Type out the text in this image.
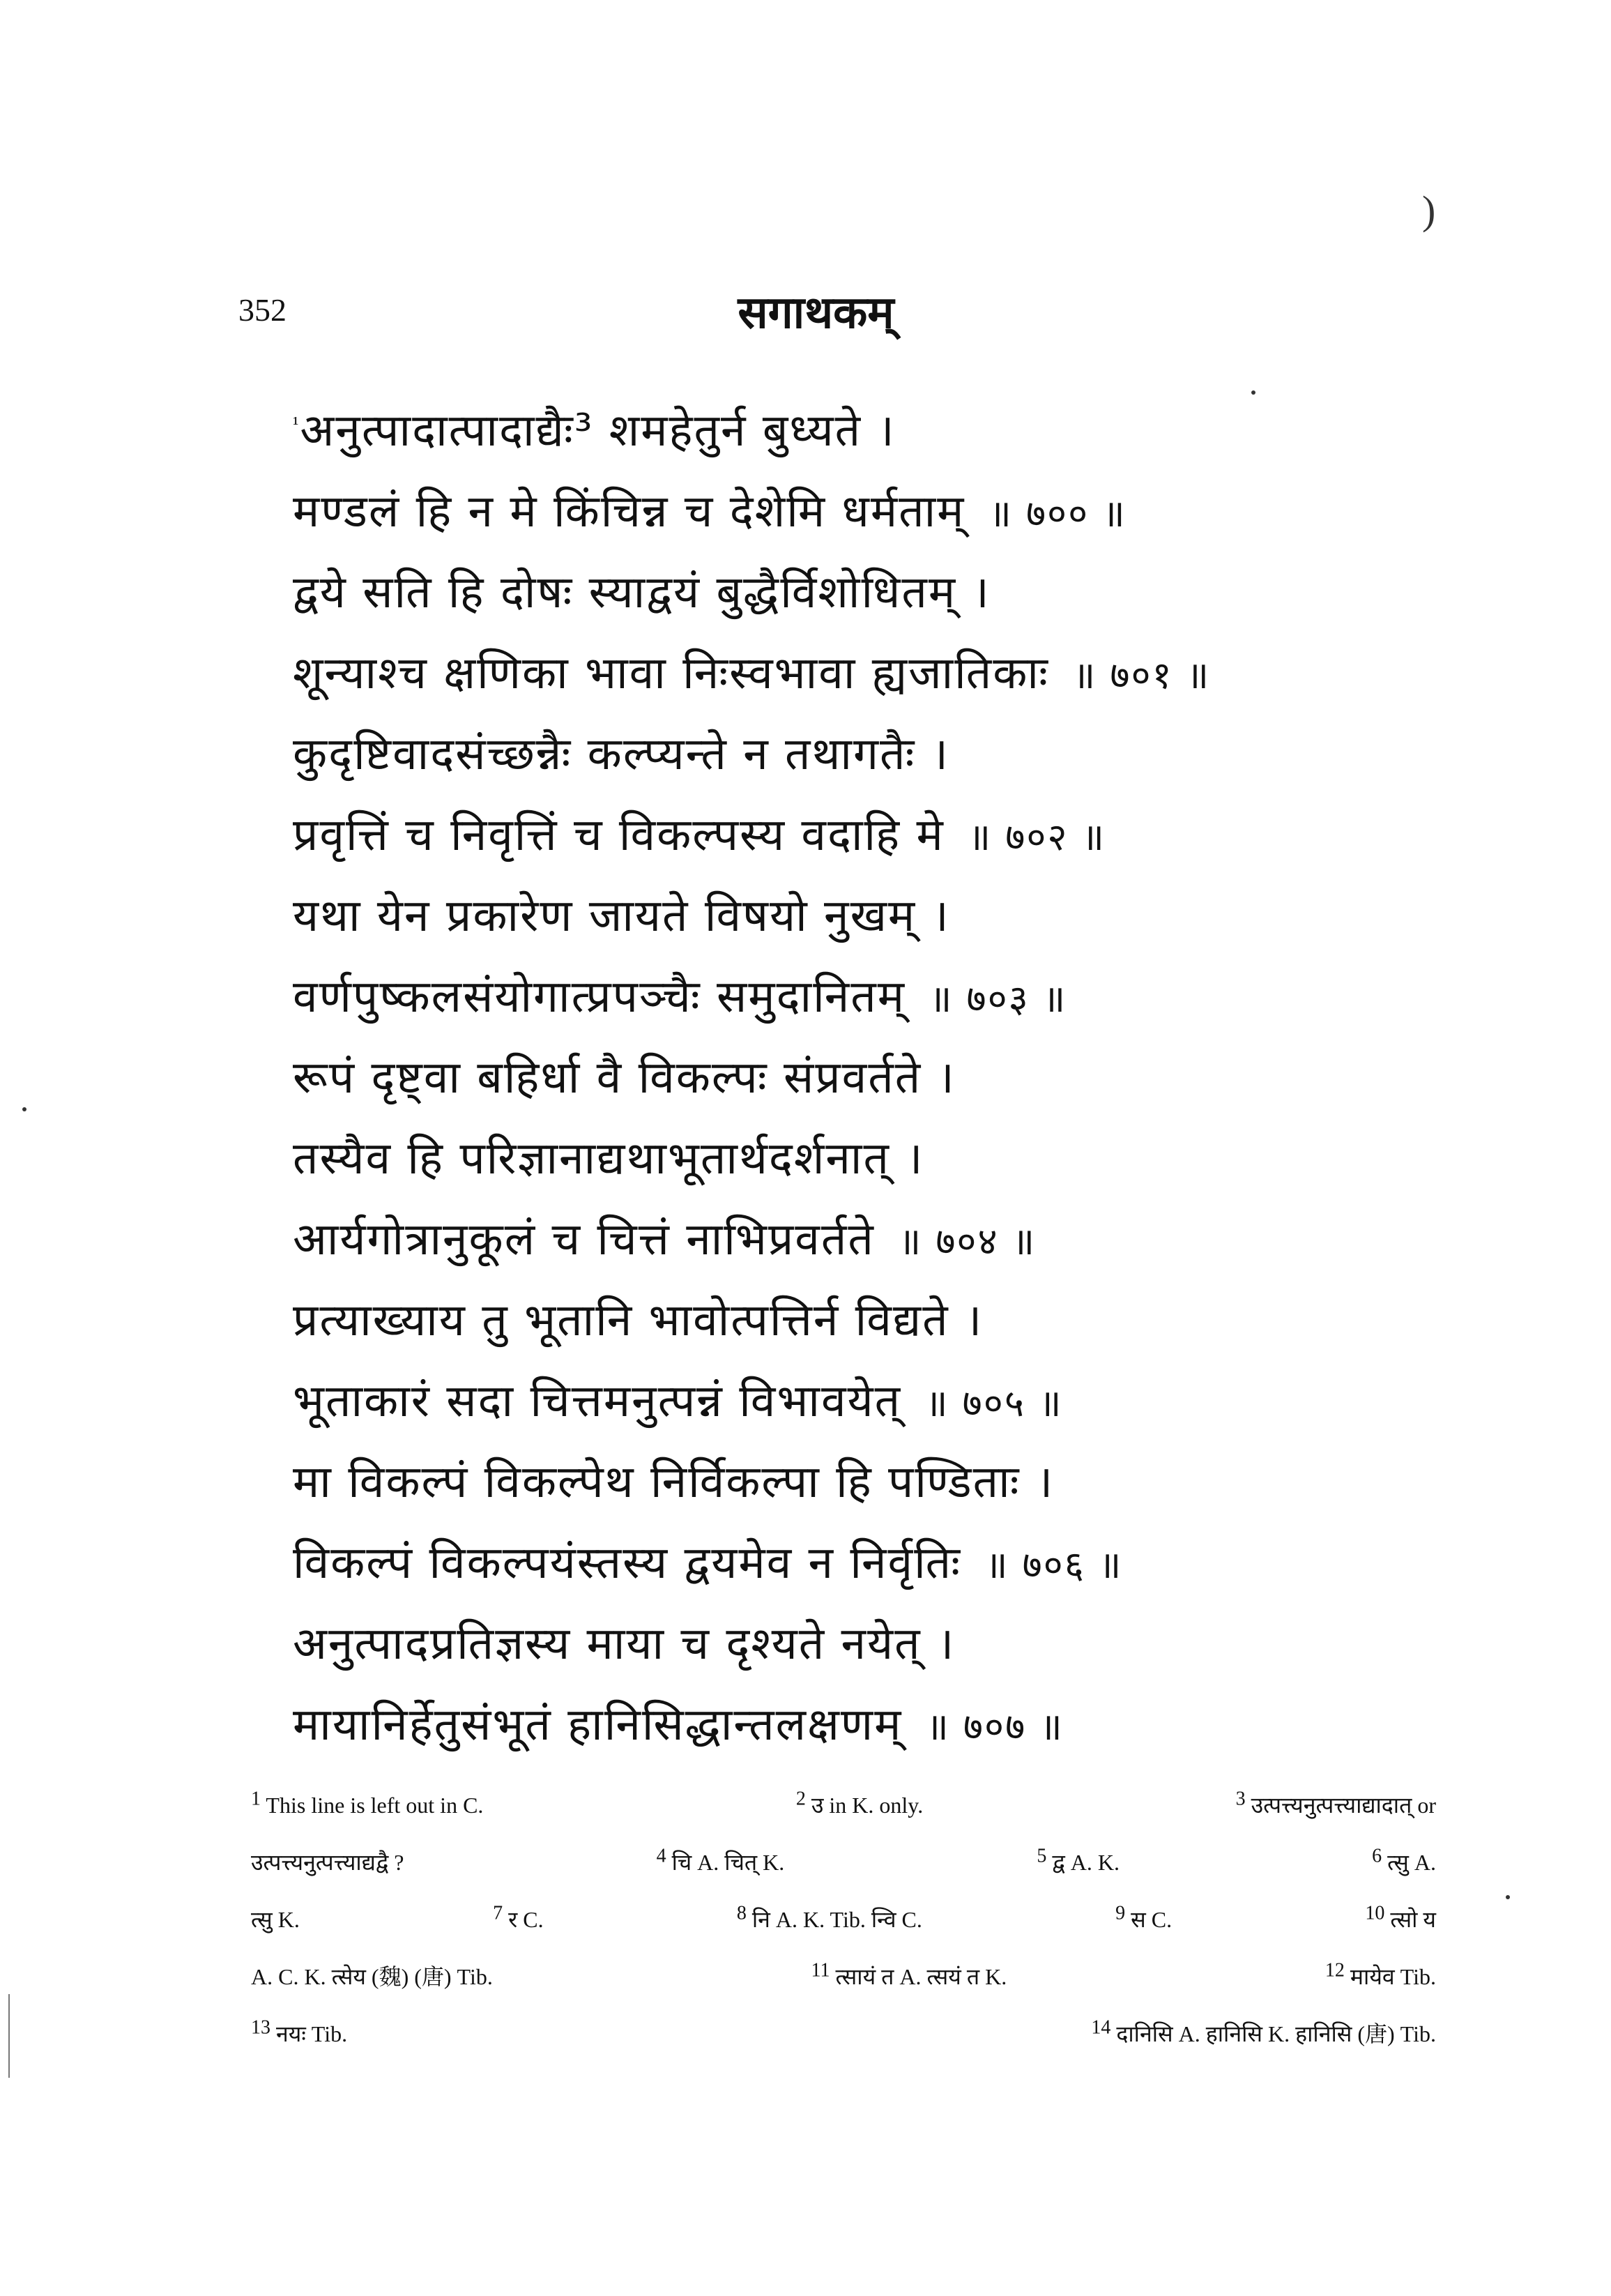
352	सगाथकम्
)
$^{^1}$अनुत्पादात्पादाद्यैः³ शमहेतुर्न बुध्यते ।
मण्डलं हि न मे किंचिन्न च देशेमि धर्मताम् ॥ ७०० ॥
द्वये सति हि दोषः स्याद्वयं बुद्धैर्विशोधितम् ।
शून्याश्च क्षणिका भावा निःस्वभावा ह्यजातिकाः ॥ ७०१ ॥
कुदृष्टिवादसंच्छन्नैः कल्प्यन्ते न तथागतैः ।
प्रवृत्तिं च निवृत्तिं च विकल्पस्य वदाहि मे ॥ ७०२ ॥
यथा येन प्रकारेण जायते विषयो नुखम् ।
वर्णपुष्कलसंयोगात्प्रपञ्चैः समुदानितम् ॥ ७०३ ॥
रूपं दृष्ट्वा बहिर्धा वै विकल्पः संप्रवर्तते ।
तस्यैव हि परिज्ञानाद्यथाभूतार्थदर्शनात् ।
आर्यगोत्रानुकूलं च चित्तं नाभिप्रवर्तते ॥ ७०४ ॥
प्रत्याख्याय तु भूतानि भावोत्पत्तिर्न विद्यते ।
भूताकारं सदा चित्तमनुत्पन्नं विभावयेत् ॥ ७०५ ॥
मा विकल्पं विकल्पेथ निर्विकल्पा हि पण्डिताः ।
विकल्पं विकल्पयंस्तस्य द्वयमेव न निर्वृतिः ॥ ७०६ ॥
अनुत्पादप्रतिज्ञस्य माया च दृश्यते नयेत् ।
मायानिर्हेतुसंभूतं हानिसिद्धान्तलक्षणम् ॥ ७०७ ॥
$^1$ This line is left out in C.	$^2$ उ in K. only.	$^3$ उत्पत्त्यनुत्पत्त्याद्यादात् or
उत्पत्त्यनुत्पत्त्याद्यद्वै ?	$^4$ चि A. चित् K.	$^5$ द्व A. K.	$^6$ त्सु A.
त्सु K.	$^7$ र C.	$^8$ नि A. K. Tib. न्वि C.	$^9$ स C.	$^{10}$ त्सो य
A. C. K. त्सेय (魏) (唐) Tib.	$^{11}$ त्सायं त A. त्सयं त K.	$^{12}$ मायेव Tib.
$^{13}$ नयः Tib.	$^{14}$ दानिसि A. हानिसि K. हानिसि (唐) Tib.
